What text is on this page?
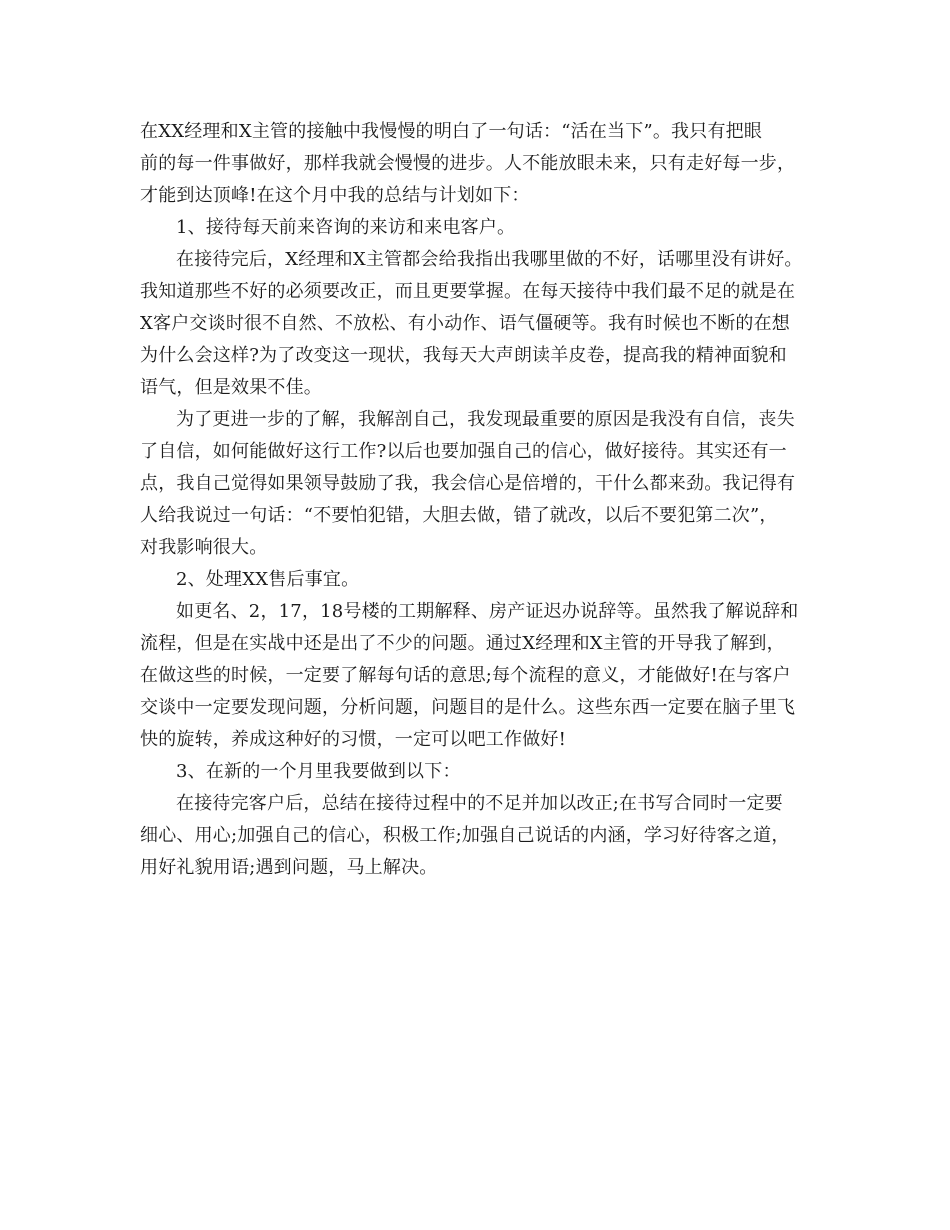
在XX经理和X主管的接触中我慢慢的明白了一句话：“活在当下”。我只有把眼
前的每一件事做好，那样我就会慢慢的进步。人不能放眼未来，只有走好每一步，
才能到达顶峰!在这个月中我的总结与计划如下：
1、接待每天前来咨询的来访和来电客户。
在接待完后，X经理和X主管都会给我指出我哪里做的不好，话哪里没有讲好。
我知道那些不好的必须要改正，而且更要掌握。在每天接待中我们最不足的就是在
X客户交谈时很不自然、不放松、有小动作、语气僵硬等。我有时候也不断的在想
为什么会这样?为了改变这一现状，我每天大声朗读羊皮卷，提高我的精神面貌和
语气，但是效果不佳。
为了更进一步的了解，我解剖自己，我发现最重要的原因是我没有自信，丧失
了自信，如何能做好这行工作?以后也要加强自己的信心，做好接待。其实还有一
点，我自己觉得如果领导鼓励了我，我会信心是倍增的，干什么都来劲。我记得有
人给我说过一句话：“不要怕犯错，大胆去做，错了就改，以后不要犯第二次”，
对我影响很大。
2、处理XX售后事宜。
如更名、2，17，18号楼的工期解释、房产证迟办说辞等。虽然我了解说辞和
流程，但是在实战中还是出了不少的问题。通过X经理和X主管的开导我了解到，
在做这些的时候，一定要了解每句话的意思;每个流程的意义，才能做好!在与客户
交谈中一定要发现问题，分析问题，问题目的是什么。这些东西一定要在脑子里飞
快的旋转，养成这种好的习惯，一定可以吧工作做好!
3、在新的一个月里我要做到以下：
在接待完客户后，总结在接待过程中的不足并加以改正;在书写合同时一定要
细心、用心;加强自己的信心，积极工作;加强自己说话的内涵，学习好待客之道，
用好礼貌用语;遇到问题，马上解决。
